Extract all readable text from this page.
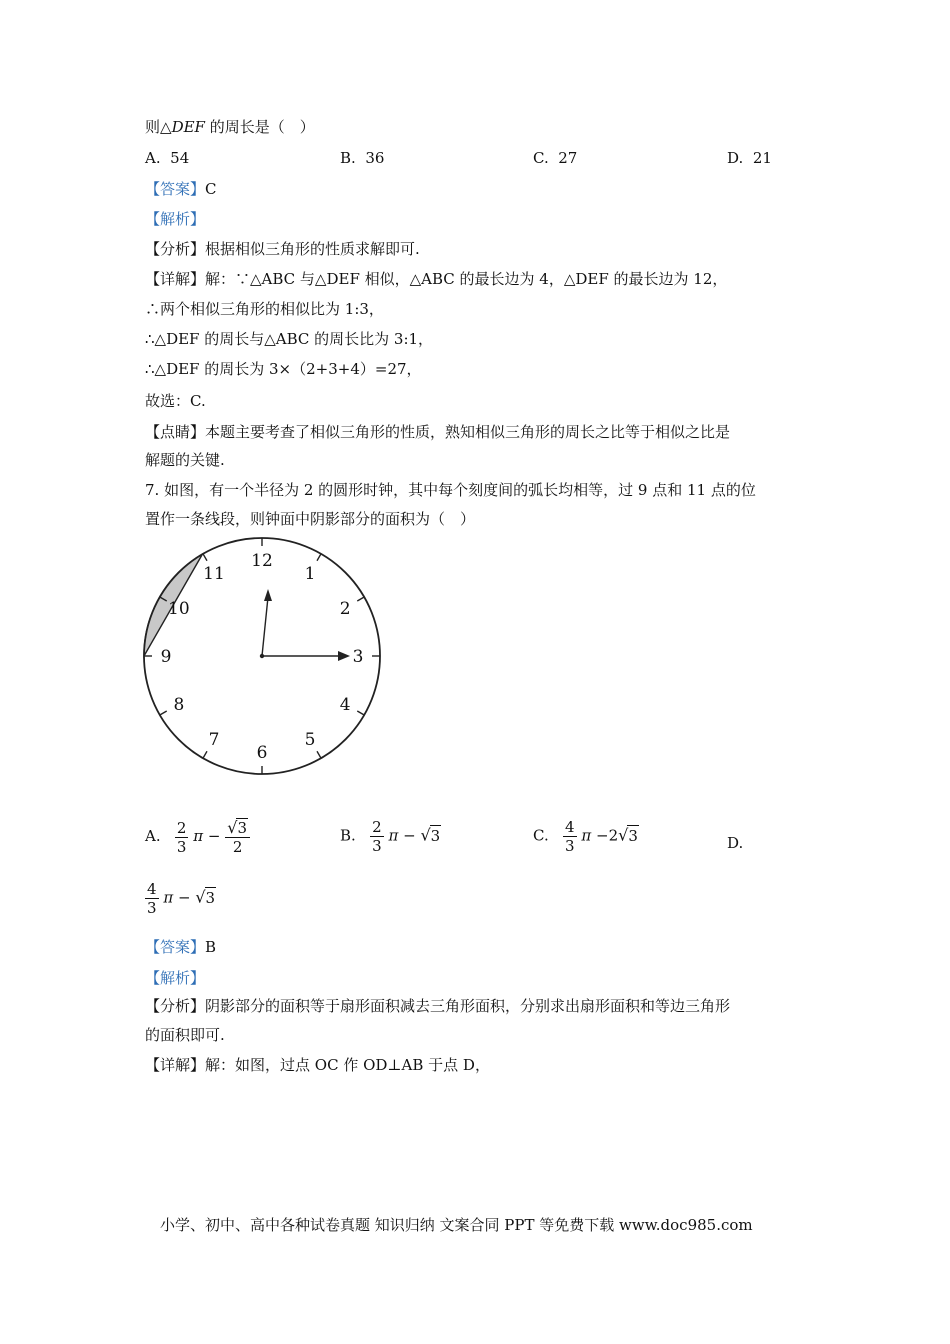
则△DEF 的周长是（　）
A. 54	B. 36	C. 27	D. 21
【答案】C
【解析】
【分析】根据相似三角形的性质求解即可.
【详解】解：∵△ABC 与△DEF 相似，△ABC 的最长边为 4，△DEF 的最长边为 12，
∴两个相似三角形的相似比为 1:3，
∴△DEF 的周长与△ABC 的周长比为 3:1，
∴△DEF 的周长为 3×（2+3+4）=27，
故选：C.
【点睛】本题主要考查了相似三角形的性质，熟知相似三角形的周长之比等于相似之比是
解题的关键.
7. 如图，有一个半径为 2 的圆形时钟，其中每个刻度间的弧长均相等，过 9 点和 11 点的位
置作一条线段，则钟面中阴影部分的面积为（　）
12
1
2
3
4
5
6
7
8
9
10
11
A. $\frac{2}{3}$ $\pi - \frac{√3}{2}$	B. $\frac{2}{3}$ π − √3	C. $\frac{4}{3}$ π −2√3	D.
$\frac{4}{3}$ π − √3
【答案】B
【解析】
【分析】阴影部分的面积等于扇形面积减去三角形面积，分别求出扇形面积和等边三角形
的面积即可.
【详解】解：如图，过点 OC 作 OD⊥AB 于点 D，
小学、初中、高中各种试卷真题 知识归纳 文案合同 PPT 等免费下载 www.doc985.com
